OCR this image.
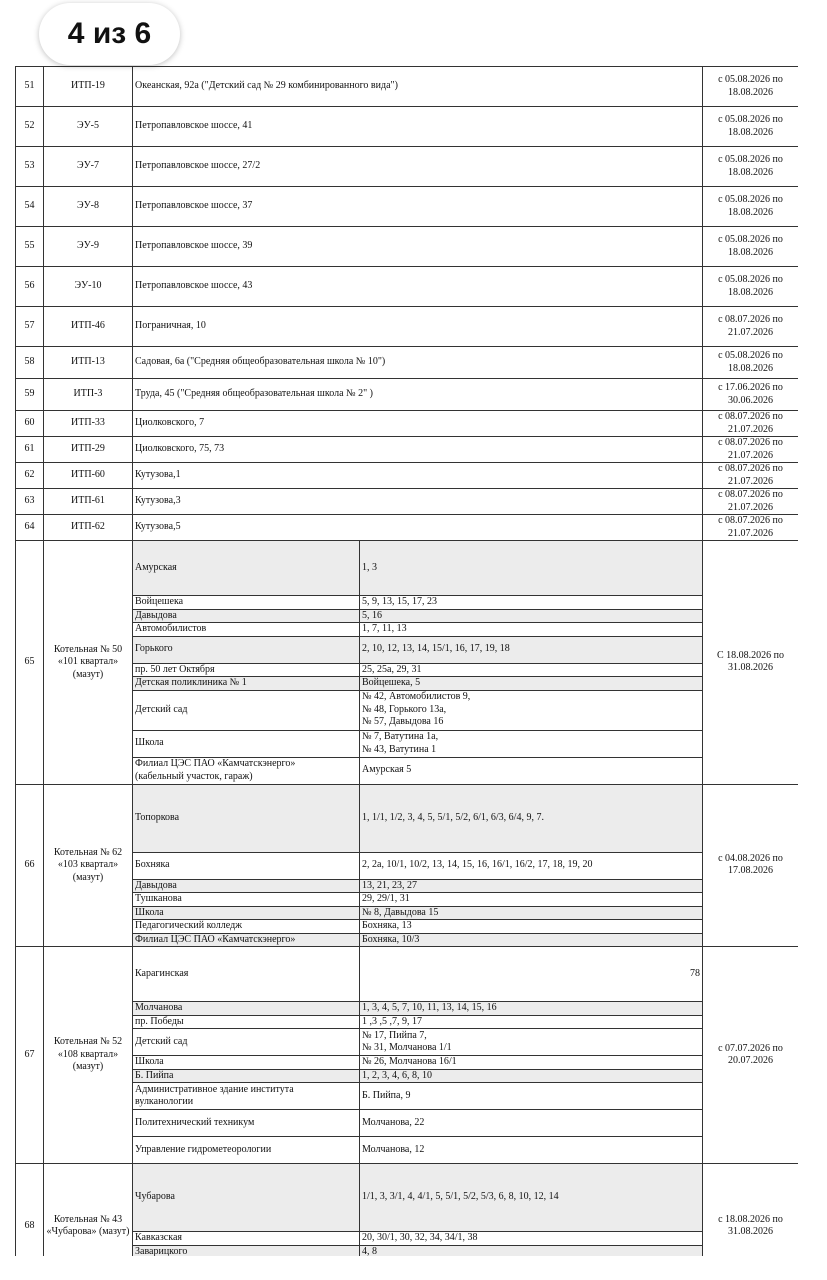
4 из 6
51	ИТП-19	Океанская, 92а ("Детский сад № 29 комбинированного вида")		с 05.08.2026 по
18.08.2026
52	ЭУ-5	Петропавловское шоссе, 41		с 05.08.2026 по
18.08.2026
53	ЭУ-7	Петропавловское шоссе, 27/2		с 05.08.2026 по
18.08.2026
54	ЭУ-8	Петропавловское шоссе, 37		с 05.08.2026 по
18.08.2026
55	ЭУ-9	Петропавловское шоссе, 39		с 05.08.2026 по
18.08.2026
56	ЭУ-10	Петропавловское шоссе, 43		с 05.08.2026 по
18.08.2026
57	ИТП-46	Пограничная, 10		с 08.07.2026 по
21.07.2026
58	ИТП-13	Садовая, 6а ("Средняя общеобразовательная школа № 10")		с 05.08.2026 по
18.08.2026
59	ИТП-3	Труда, 45 ("Средняя общеобразовательная школа № 2" )		с 17.06.2026 по
30.06.2026
60	ИТП-33	Циолковского, 7		с 08.07.2026 по
21.07.2026
61	ИТП-29	Циолковского, 75, 73		с 08.07.2026 по
21.07.2026
62	ИТП-60	Кутузова,1		с 08.07.2026 по
21.07.2026
63	ИТП-61	Кутузова,3		с 08.07.2026 по
21.07.2026
64	ИТП-62	Кутузова,5		с 08.07.2026 по
21.07.2026
65	Котельная № 50
«101 квартал»
(мазут)	Амурская	1, 3	С 18.08.2026 по
31.08.2026
		Войцешека	5, 9, 13, 15, 17, 23	
		Давыдова	5, 16	
		Автомобилистов	1, 7, 11, 13	
		Горького	2, 10, 12, 13, 14, 15/1, 16, 17, 19, 18	
		пр. 50 лет Октября	25, 25а, 29, 31	
		Детская поликлиника № 1	Войцешека, 5	
		Детский сад	№ 42, Автомобилистов 9,
№ 48, Горького 13а,
№ 57, Давыдова 16	
		Школа	№ 7, Ватутина 1а,
№ 43, Ватутина 1	
		Филиал ЦЭС ПАО «Камчатскэнерго»
(кабельный участок, гараж)	Амурская 5	
66	Котельная № 62
«103 квартал»
(мазут)	Топоркова	1, 1/1, 1/2, 3, 4, 5, 5/1, 5/2, 6/1, 6/3, 6/4, 9, 7.	с 04.08.2026 по
17.08.2026
		Бохняка	2, 2а, 10/1, 10/2, 13, 14, 15, 16, 16/1, 16/2, 17, 18, 19, 20	
		Давыдова	13, 21, 23, 27	
		Тушканова	29, 29/1, 31	
		Школа	№ 8, Давыдова 15	
		Педагогический колледж	Бохняка, 13	
		Филиал ЦЭС ПАО «Камчатскэнерго»	Бохняка, 10/3	
67	Котельная № 52
«108 квартал»
(мазут)	Карагинская	78	с 07.07.2026 по
20.07.2026
		Молчанова	1, 3, 4, 5, 7, 10, 11, 13, 14, 15, 16	
		пр. Победы	1 ,3 ,5 ,7, 9, 17	
		Детский сад	№ 17, Пийпа 7,
№ 31, Молчанова 1/1	
		Школа	№ 26, Молчанова 16/1	
		Б. Пийпа	1, 2, 3, 4, 6, 8, 10	
		Административное здание института
вулканологии	Б. Пийпа, 9	
		Политехнический техникум	Молчанова, 22	
		Управление гидрометеорологии	Молчанова, 12	
68	Котельная № 43
«Чубарова» (мазут)	Чубарова	1/1, 3, 3/1, 4, 4/1, 5, 5/1, 5/2, 5/3, 6, 8, 10, 12, 14	с 18.08.2026 по
31.08.2026
		Кавказская	20, 30/1, 30, 32, 34, 34/1, 38	
		Заварицкого	4, 8	
